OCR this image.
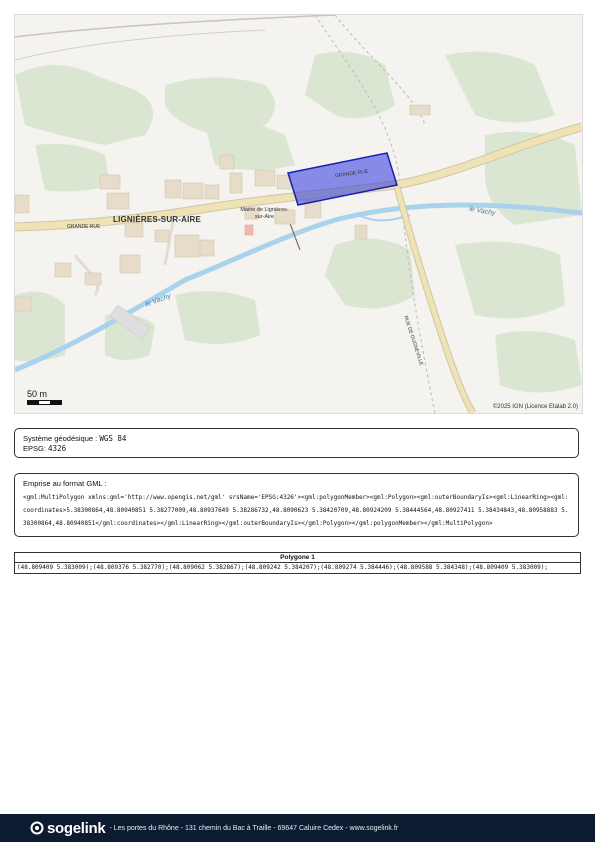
LIGNIÈRES-SUR-AIRE
GRANDE RUE
GRANDE RUE
RUE DE DUGNEVILLE
Mairie de Lignières-sur-Aire	le Vachy
le Vachy
50 m
©2025 IGN (Licence Etalab 2.0)
Système géodésique : WGS 84
EPSG: 4326
Emprise au format GML :
<gml:MultiPolygon xmlns:gml='http://www.opengis.net/gml' srsName='EPSG:4326'><gml:polygonMember><gml:Polygon><gml:outerBoundaryIs><gml:LinearRing><gml:coordinates>5.38300864,48.80940851 5.38277009,48.80937649 5.38286732,48.8090623 5.38420709,48.80924209 5.38444564,48.80927411 5.38434843,48.80958883 5.38300864,48.80940851</gml:coordinates></gml:LinearRing></gml:outerBoundaryIs></gml:Polygon></gml:polygonMember></gml:MultiPolygon>
Polygone 1
(48.809409 5.383009);(48.809376 5.382770);(48.809062 5.382867);(48.809242 5.384207);(48.809274 5.384446);(48.809588 5.384348);(48.809409 5.383009);
sogelink - Les portes du Rhône - 131 chemin du Bac à Traille - 69647 Caluire Cedex - www.sogelink.fr
